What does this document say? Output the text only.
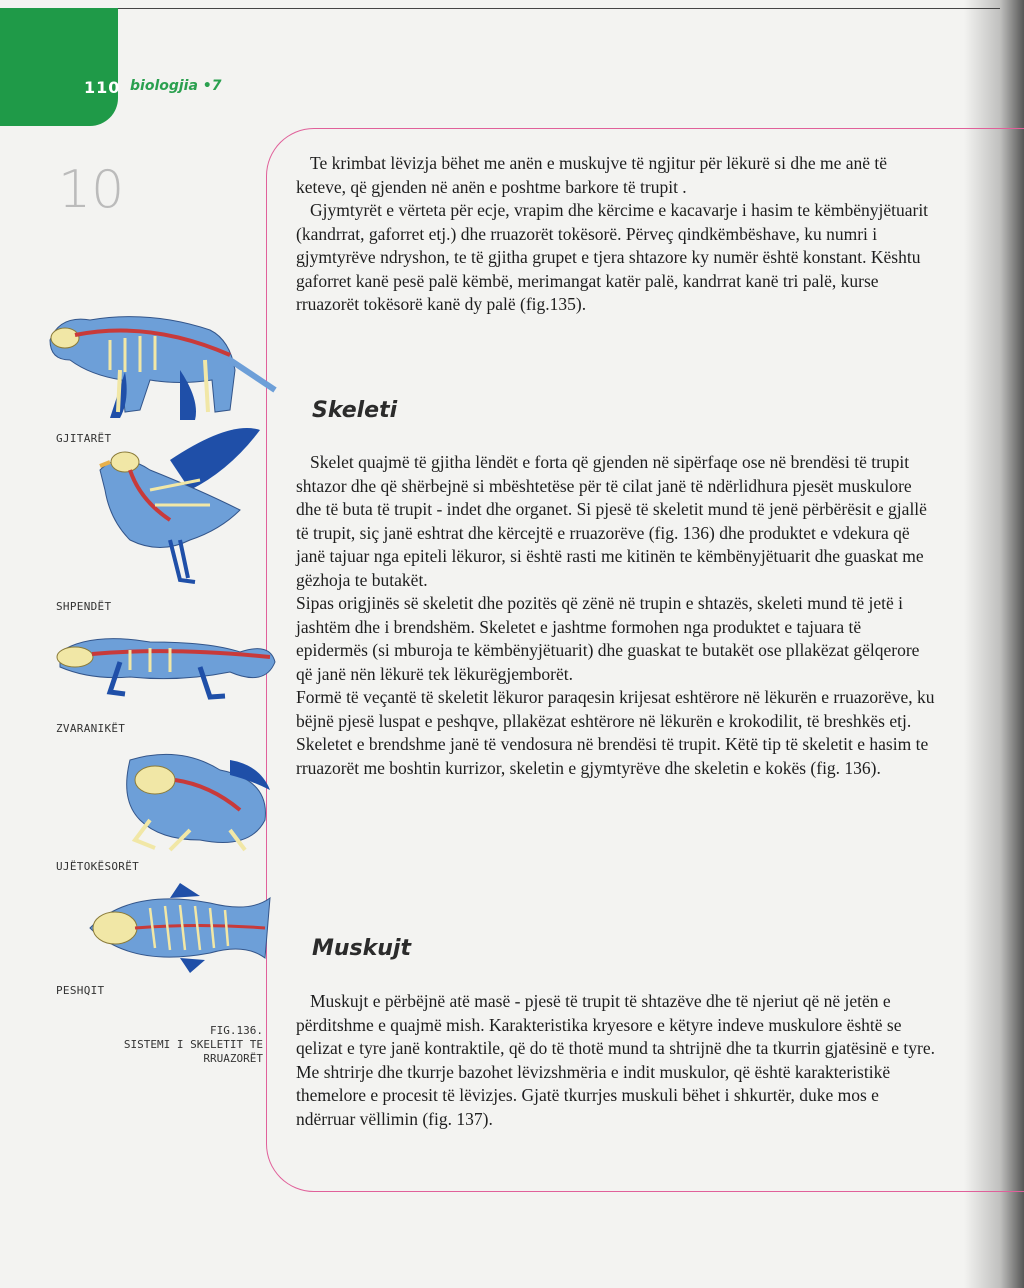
110 biologjia •7
10	Te krimbat lëvizja bëhet me anën e muskujve të ngjitur për lëkurë si dhe me anë të keteve, që gjenden në anën e poshtme barkore të trupit .

Gjymtyrët e vërteta për ecje, vrapim dhe kërcime e kacavarje i hasim te këmbënyjëtuarit (kandrrat, gaforret etj.) dhe rruazorët tokësorë. Përveç qindkëmbëshave, ku numri i gjymtyrëve ndryshon, te të gjitha grupet e tjera shtazore ky numër është konstant. Kështu gaforret kanë pesë palë këmbë, merimangat katër palë, kandrrat kanë tri palë, kurse rruazorët tokësorë kanë dy palë (fig.135).

Skeleti

Skelet quajmë të gjitha lëndët e forta që gjenden në sipërfaqe ose në brendësi të trupit shtazor dhe që shërbejnë si mbështetëse për të cilat janë të ndërlidhura pjesët muskulore dhe të buta të trupit - indet dhe organet. Si pjesë të skeletit mund të jenë përbërësit e gjallë të trupit, siç janë eshtrat dhe kërcejtë e rruazorëve (fig. 136) dhe produktet e vdekura që janë tajuar nga epiteli lëkuror, si është rasti me kitinën te këmbënyjëtuarit dhe guaskat me gëzhoja te butakët.

Sipas origjinës së skeletit dhe pozitës që zënë në trupin e shtazës, skeleti mund të jetë i jashtëm dhe i brendshëm. Skeletet e jashtme formohen nga produktet e tajuara të epidermës (si mburoja te këmbënyjëtuarit) dhe guaskat te butakët ose pllakëzat gëlqerore që janë nën lëkurë tek lëkurëgjemborët.

Formë të veçantë të skeletit lëkuror paraqesin krijesat eshtërore në lëkurën e rruazorëve, ku bëjnë pjesë luspat e peshqve, pllakëzat eshtërore në lëkurën e krokodilit, të breshkës etj.

Skeletet e brendshme janë të vendosura në brendësi të trupit. Këtë tip të skeletit e hasim te rruazorët me boshtin kurrizor, skeletin e gjymtyrëve dhe skeletin e kokës (fig. 136).

Muskujt

Muskujt e përbëjnë atë masë - pjesë të trupit të shtazëve dhe të njeriut që në jetën e përditshme e quajmë mish. Karakteristika kryesore e këtyre indeve muskulore është se qelizat e tyre janë kontraktile, që do të thotë mund ta shtrijnë dhe ta tkurrin gjatësinë e tyre. Me shtrirje dhe tkurrje bazohet lëvizshmëria e indit muskulor, që është karakteristikë themelore e procesit të lëvizjes. Gjatë tkurrjes muskuli bëhet i shkurtër, duke mos e ndërruar vëllimin (fig. 137).

GJITARËT
SHPENDËT
ZVARANIKËT
UJËTOKËSORËT
PESHQIT
FIG.136.
SISTEMI I SKELETIT TE
RRUAZORËT
